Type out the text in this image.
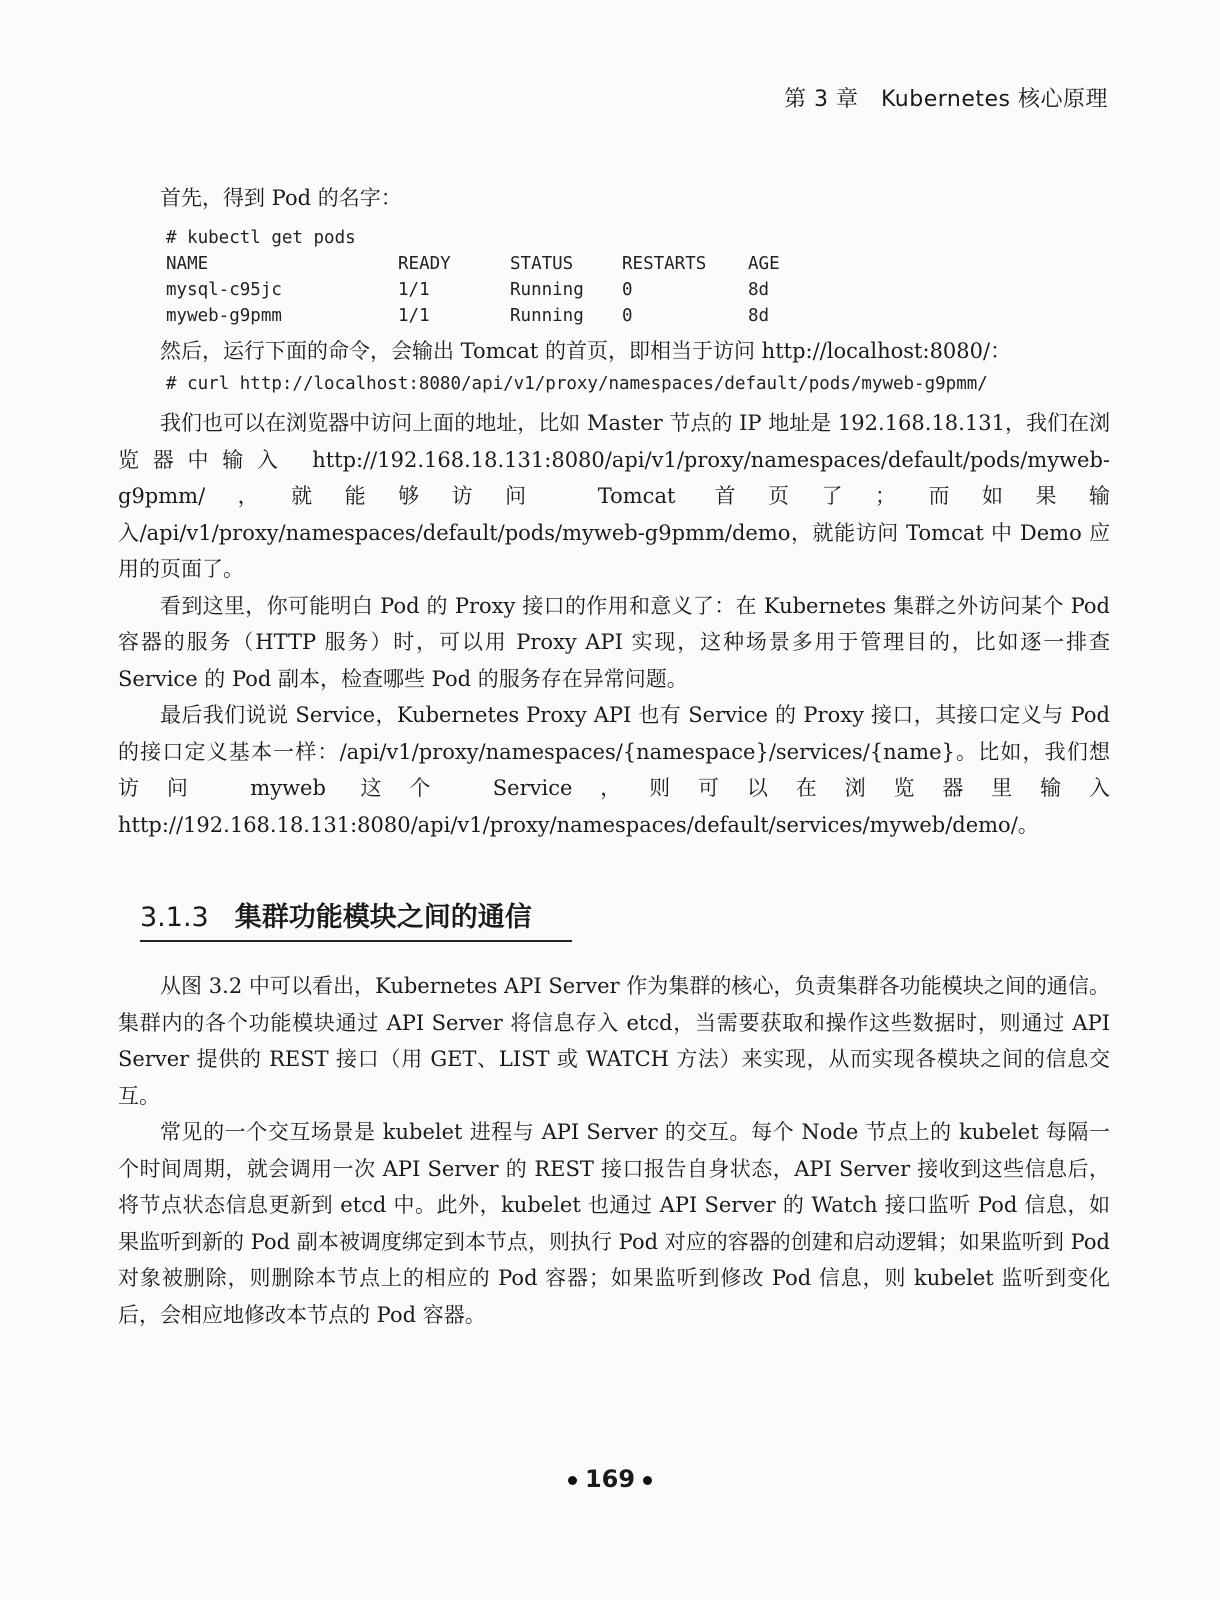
第 3 章　Kubernetes 核心原理

首先，得到 Pod 的名字：

# kubectl get pods
NAME	READY	STATUS	RESTARTS	AGE
mysql-c95jc	1/1	Running	0	8d
myweb-g9pmm	1/1	Running	0	8d

然后，运行下面的命令，会输出 Tomcat 的首页，即相当于访问 http://localhost:8080/：

# curl http://localhost:8080/api/v1/proxy/namespaces/default/pods/myweb-g9pmm/

我们也可以在浏览器中访问上面的地址，比如 Master 节点的 IP 地址是 192.168.18.131，我们在浏览器中输入 http://192.168.18.131:8080/api/v1/proxy/namespaces/default/pods/myweb-g9pmm/，就能够访问 Tomcat 首页了；而如果输入/api/v1/proxy/namespaces/default/pods/myweb-g9pmm/demo，就能访问 Tomcat 中 Demo 应用的页面了。

看到这里，你可能明白 Pod 的 Proxy 接口的作用和意义了：在 Kubernetes 集群之外访问某个 Pod 容器的服务（HTTP 服务）时，可以用 Proxy API 实现，这种场景多用于管理目的，比如逐一排查 Service 的 Pod 副本，检查哪些 Pod 的服务存在异常问题。

最后我们说说 Service，Kubernetes Proxy API 也有 Service 的 Proxy 接口，其接口定义与 Pod 的接口定义基本一样：/api/v1/proxy/namespaces/{namespace}/services/{name}。比如，我们想访问 myweb 这个 Service，则可以在浏览器里输入 http://192.168.18.131:8080/api/v1/proxy/namespaces/default/services/myweb/demo/。

3.1.3 集群功能模块之间的通信

从图 3.2 中可以看出，Kubernetes API Server 作为集群的核心，负责集群各功能模块之间的通信。集群内的各个功能模块通过 API Server 将信息存入 etcd，当需要获取和操作这些数据时，则通过 API Server 提供的 REST 接口（用 GET、LIST 或 WATCH 方法）来实现，从而实现各模块之间的信息交互。

常见的一个交互场景是 kubelet 进程与 API Server 的交互。每个 Node 节点上的 kubelet 每隔一个时间周期，就会调用一次 API Server 的 REST 接口报告自身状态，API Server 接收到这些信息后，将节点状态信息更新到 etcd 中。此外，kubelet 也通过 API Server 的 Watch 接口监听 Pod 信息，如果监听到新的 Pod 副本被调度绑定到本节点，则执行 Pod 对应的容器的创建和启动逻辑；如果监听到 Pod 对象被删除，则删除本节点上的相应的 Pod 容器；如果监听到修改 Pod 信息，则 kubelet 监听到变化后，会相应地修改本节点的 Pod 容器。

169
